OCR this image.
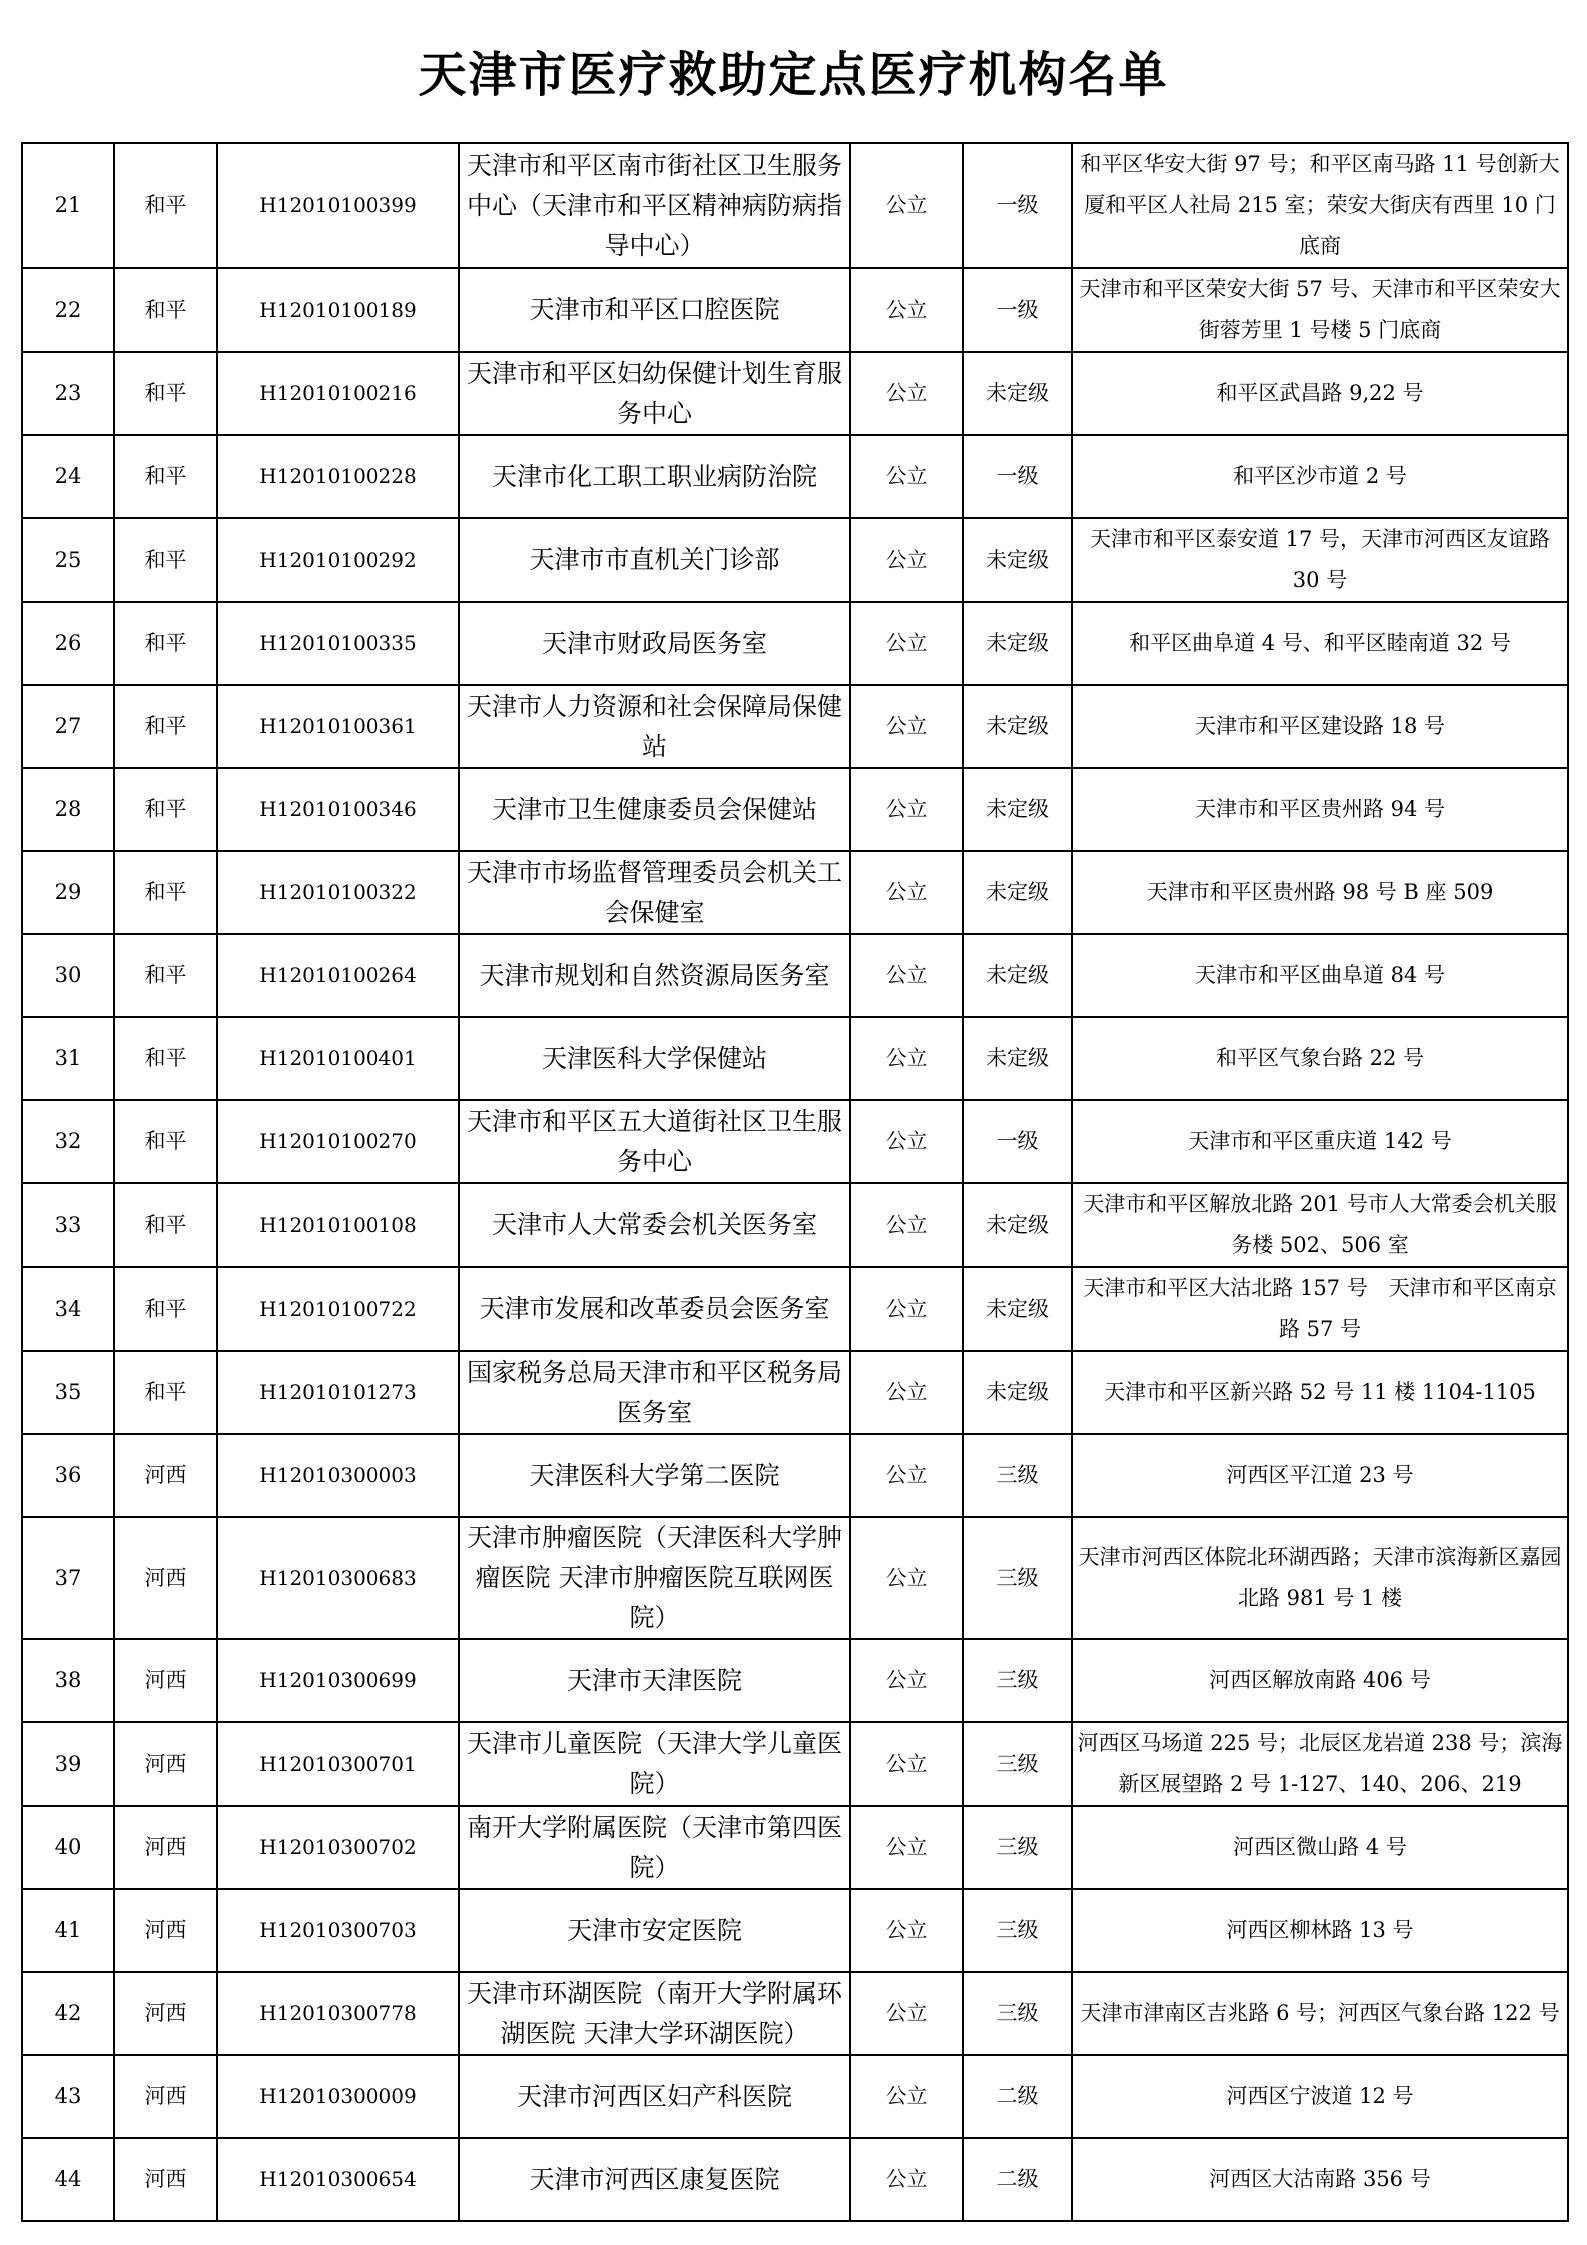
天津市医疗救助定点医疗机构名单
21	和平	H12010100399	天津市和平区南市街社区卫生服务中心（天津市和平区精神病防病指导中心）	公立	一级	和平区华安大街 97 号；和平区南马路 11 号创新大厦和平区人社局 215 室；荣安大街庆有西里 10 门底商
22	和平	H12010100189	天津市和平区口腔医院	公立	一级	天津市和平区荣安大街 57 号、天津市和平区荣安大街蓉芳里 1 号楼 5 门底商
23	和平	H12010100216	天津市和平区妇幼保健计划生育服务中心	公立	未定级	和平区武昌路 9,22 号
24	和平	H12010100228	天津市化工职工职业病防治院	公立	一级	和平区沙市道 2 号
25	和平	H12010100292	天津市市直机关门诊部	公立	未定级	天津市和平区泰安道 17 号，天津市河西区友谊路 30 号
26	和平	H12010100335	天津市财政局医务室	公立	未定级	和平区曲阜道 4 号、和平区睦南道 32 号
27	和平	H12010100361	天津市人力资源和社会保障局保健站	公立	未定级	天津市和平区建设路 18 号
28	和平	H12010100346	天津市卫生健康委员会保健站	公立	未定级	天津市和平区贵州路 94 号
29	和平	H12010100322	天津市市场监督管理委员会机关工会保健室	公立	未定级	天津市和平区贵州路 98 号 B 座 509
30	和平	H12010100264	天津市规划和自然资源局医务室	公立	未定级	天津市和平区曲阜道 84 号
31	和平	H12010100401	天津医科大学保健站	公立	未定级	和平区气象台路 22 号
32	和平	H12010100270	天津市和平区五大道街社区卫生服务中心	公立	一级	天津市和平区重庆道 142 号
33	和平	H12010100108	天津市人大常委会机关医务室	公立	未定级	天津市和平区解放北路 201 号市人大常委会机关服务楼 502、506 室
34	和平	H12010100722	天津市发展和改革委员会医务室	公立	未定级	天津市和平区大沽北路 157 号　天津市和平区南京路 57 号
35	和平	H12010101273	国家税务总局天津市和平区税务局医务室	公立	未定级	天津市和平区新兴路 52 号 11 楼 1104-1105
36	河西	H12010300003	天津医科大学第二医院	公立	三级	河西区平江道 23 号
37	河西	H12010300683	天津市肿瘤医院（天津医科大学肿瘤医院 天津市肿瘤医院互联网医院）	公立	三级	天津市河西区体院北环湖西路；天津市滨海新区嘉园北路 981 号 1 楼
38	河西	H12010300699	天津市天津医院	公立	三级	河西区解放南路 406 号
39	河西	H12010300701	天津市儿童医院（天津大学儿童医院）	公立	三级	河西区马场道 225 号；北辰区龙岩道 238 号；滨海新区展望路 2 号 1-127、140、206、219
40	河西	H12010300702	南开大学附属医院（天津市第四医院）	公立	三级	河西区微山路 4 号
41	河西	H12010300703	天津市安定医院	公立	三级	河西区柳林路 13 号
42	河西	H12010300778	天津市环湖医院（南开大学附属环湖医院 天津大学环湖医院）	公立	三级	天津市津南区吉兆路 6 号；河西区气象台路 122 号
43	河西	H12010300009	天津市河西区妇产科医院	公立	二级	河西区宁波道 12 号
44	河西	H12010300654	天津市河西区康复医院	公立	二级	河西区大沽南路 356 号
